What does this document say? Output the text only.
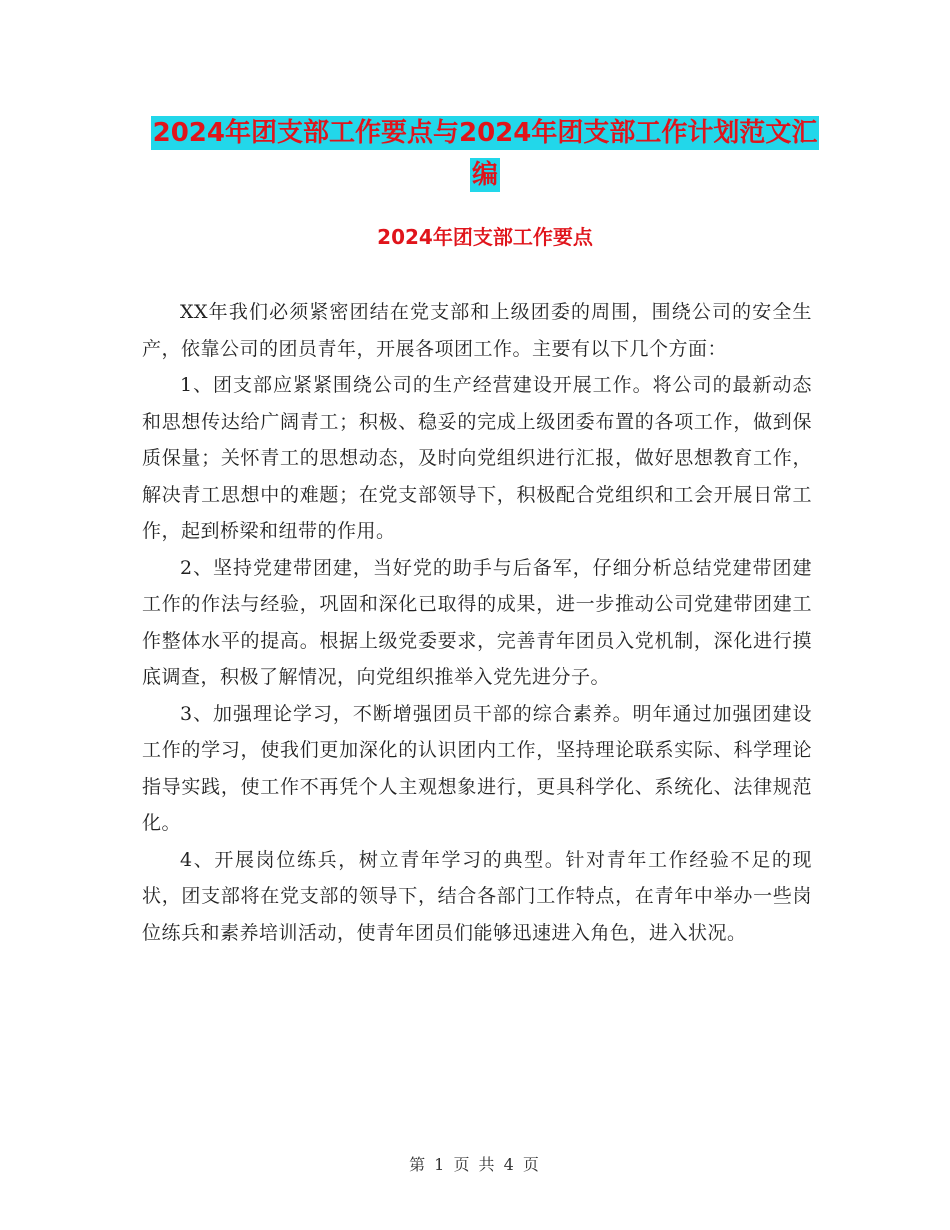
2024年团支部工作要点与2024年团支部工作计划范文汇编
2024年团支部工作要点

XX年我们必须紧密团结在党支部和上级团委的周围，围绕公司的安全生产，依靠公司的团员青年，开展各项团工作。主要有以下几个方面：

1、团支部应紧紧围绕公司的生产经营建设开展工作。将公司的最新动态和思想传达给广阔青工；积极、稳妥的完成上级团委布置的各项工作，做到保质保量；关怀青工的思想动态，及时向党组织进行汇报，做好思想教育工作，解决青工思想中的难题；在党支部领导下，积极配合党组织和工会开展日常工作，起到桥梁和纽带的作用。

2、坚持党建带团建，当好党的助手与后备军，仔细分析总结党建带团建工作的作法与经验，巩固和深化已取得的成果，进一步推动公司党建带团建工作整体水平的提高。根据上级党委要求，完善青年团员入党机制，深化进行摸底调查，积极了解情况，向党组织推举入党先进分子。

3、加强理论学习，不断增强团员干部的综合素养。明年通过加强团建设工作的学习，使我们更加深化的认识团内工作，坚持理论联系实际、科学理论指导实践，使工作不再凭个人主观想象进行，更具科学化、系统化、法律规范化。

4、开展岗位练兵，树立青年学习的典型。针对青年工作经验不足的现状，团支部将在党支部的领导下，结合各部门工作特点，在青年中举办一些岗位练兵和素养培训活动，使青年团员们能够迅速进入角色，进入状况。

第 1 页 共 4 页
